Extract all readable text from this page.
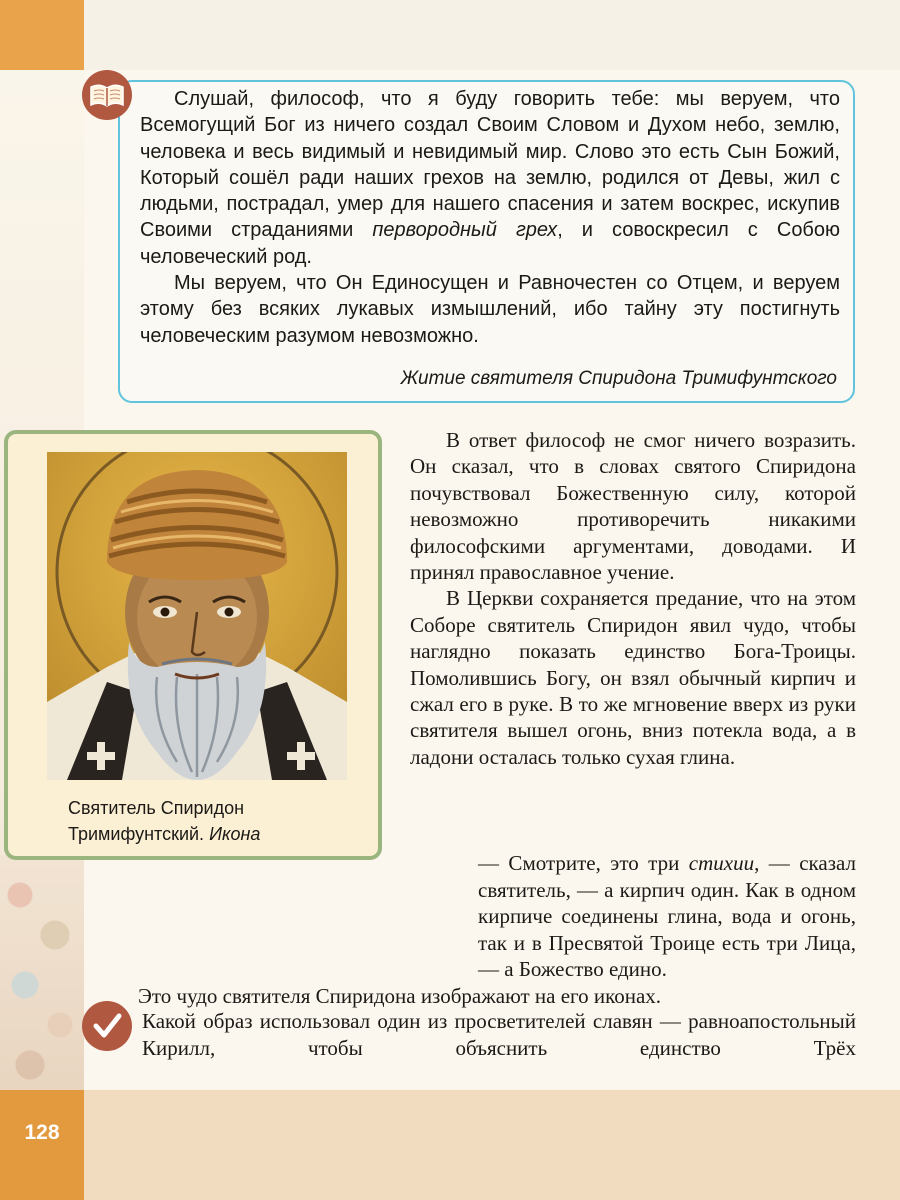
128

Слушай, философ, что я буду говорить тебе: мы веруем, что Всемогущий Бог из ничего создал Своим Словом и Духом небо, землю, человека и весь видимый и невидимый мир. Слово это есть Сын Божий, Который сошёл ради наших грехов на землю, родился от Девы, жил с людьми, пострадал, умер для нашего спасения и затем воскрес, искупив Своими страданиями первородный грех, и совоскресил с Собою человеческий род.

Мы веруем, что Он Единосущен и Равночестен со Отцем, и веруем этому без всяких лукавых измышлений, ибо тайну эту постигнуть человеческим разумом невозможно.

Житие святителя Спиридона Тримифунтского
Святитель Спиридон Тримифунтский. Икона

В ответ философ не смог ничего возразить. Он сказал, что в словах святого Спиридона почувствовал Божественную силу, которой невозможно противоречить никакими философскими аргументами, доводами. И принял православное учение.

В Церкви сохраняется предание, что на этом Соборе святитель Спиридон явил чудо, чтобы наглядно показать единство Бога-Троицы. Помолившись Богу, он взял обычный кирпич и сжал его в руке. В то же мгновение вверх из руки святителя вышел огонь, вниз потекла вода, а в ладони осталась только сухая глина.

— Смотрите, это три стихии, — сказал святитель, — а кирпич один. Как в одном кирпиче соединены глина, вода и огонь, так и в Пресвятой Троице есть три Лица, — а Божество едино.

Это чудо святителя Спиридона изображают на его иконах.

Какой образ использовал один из просветителей славян — равноапостольный Кирилл, чтобы объяснить единство Трёх
